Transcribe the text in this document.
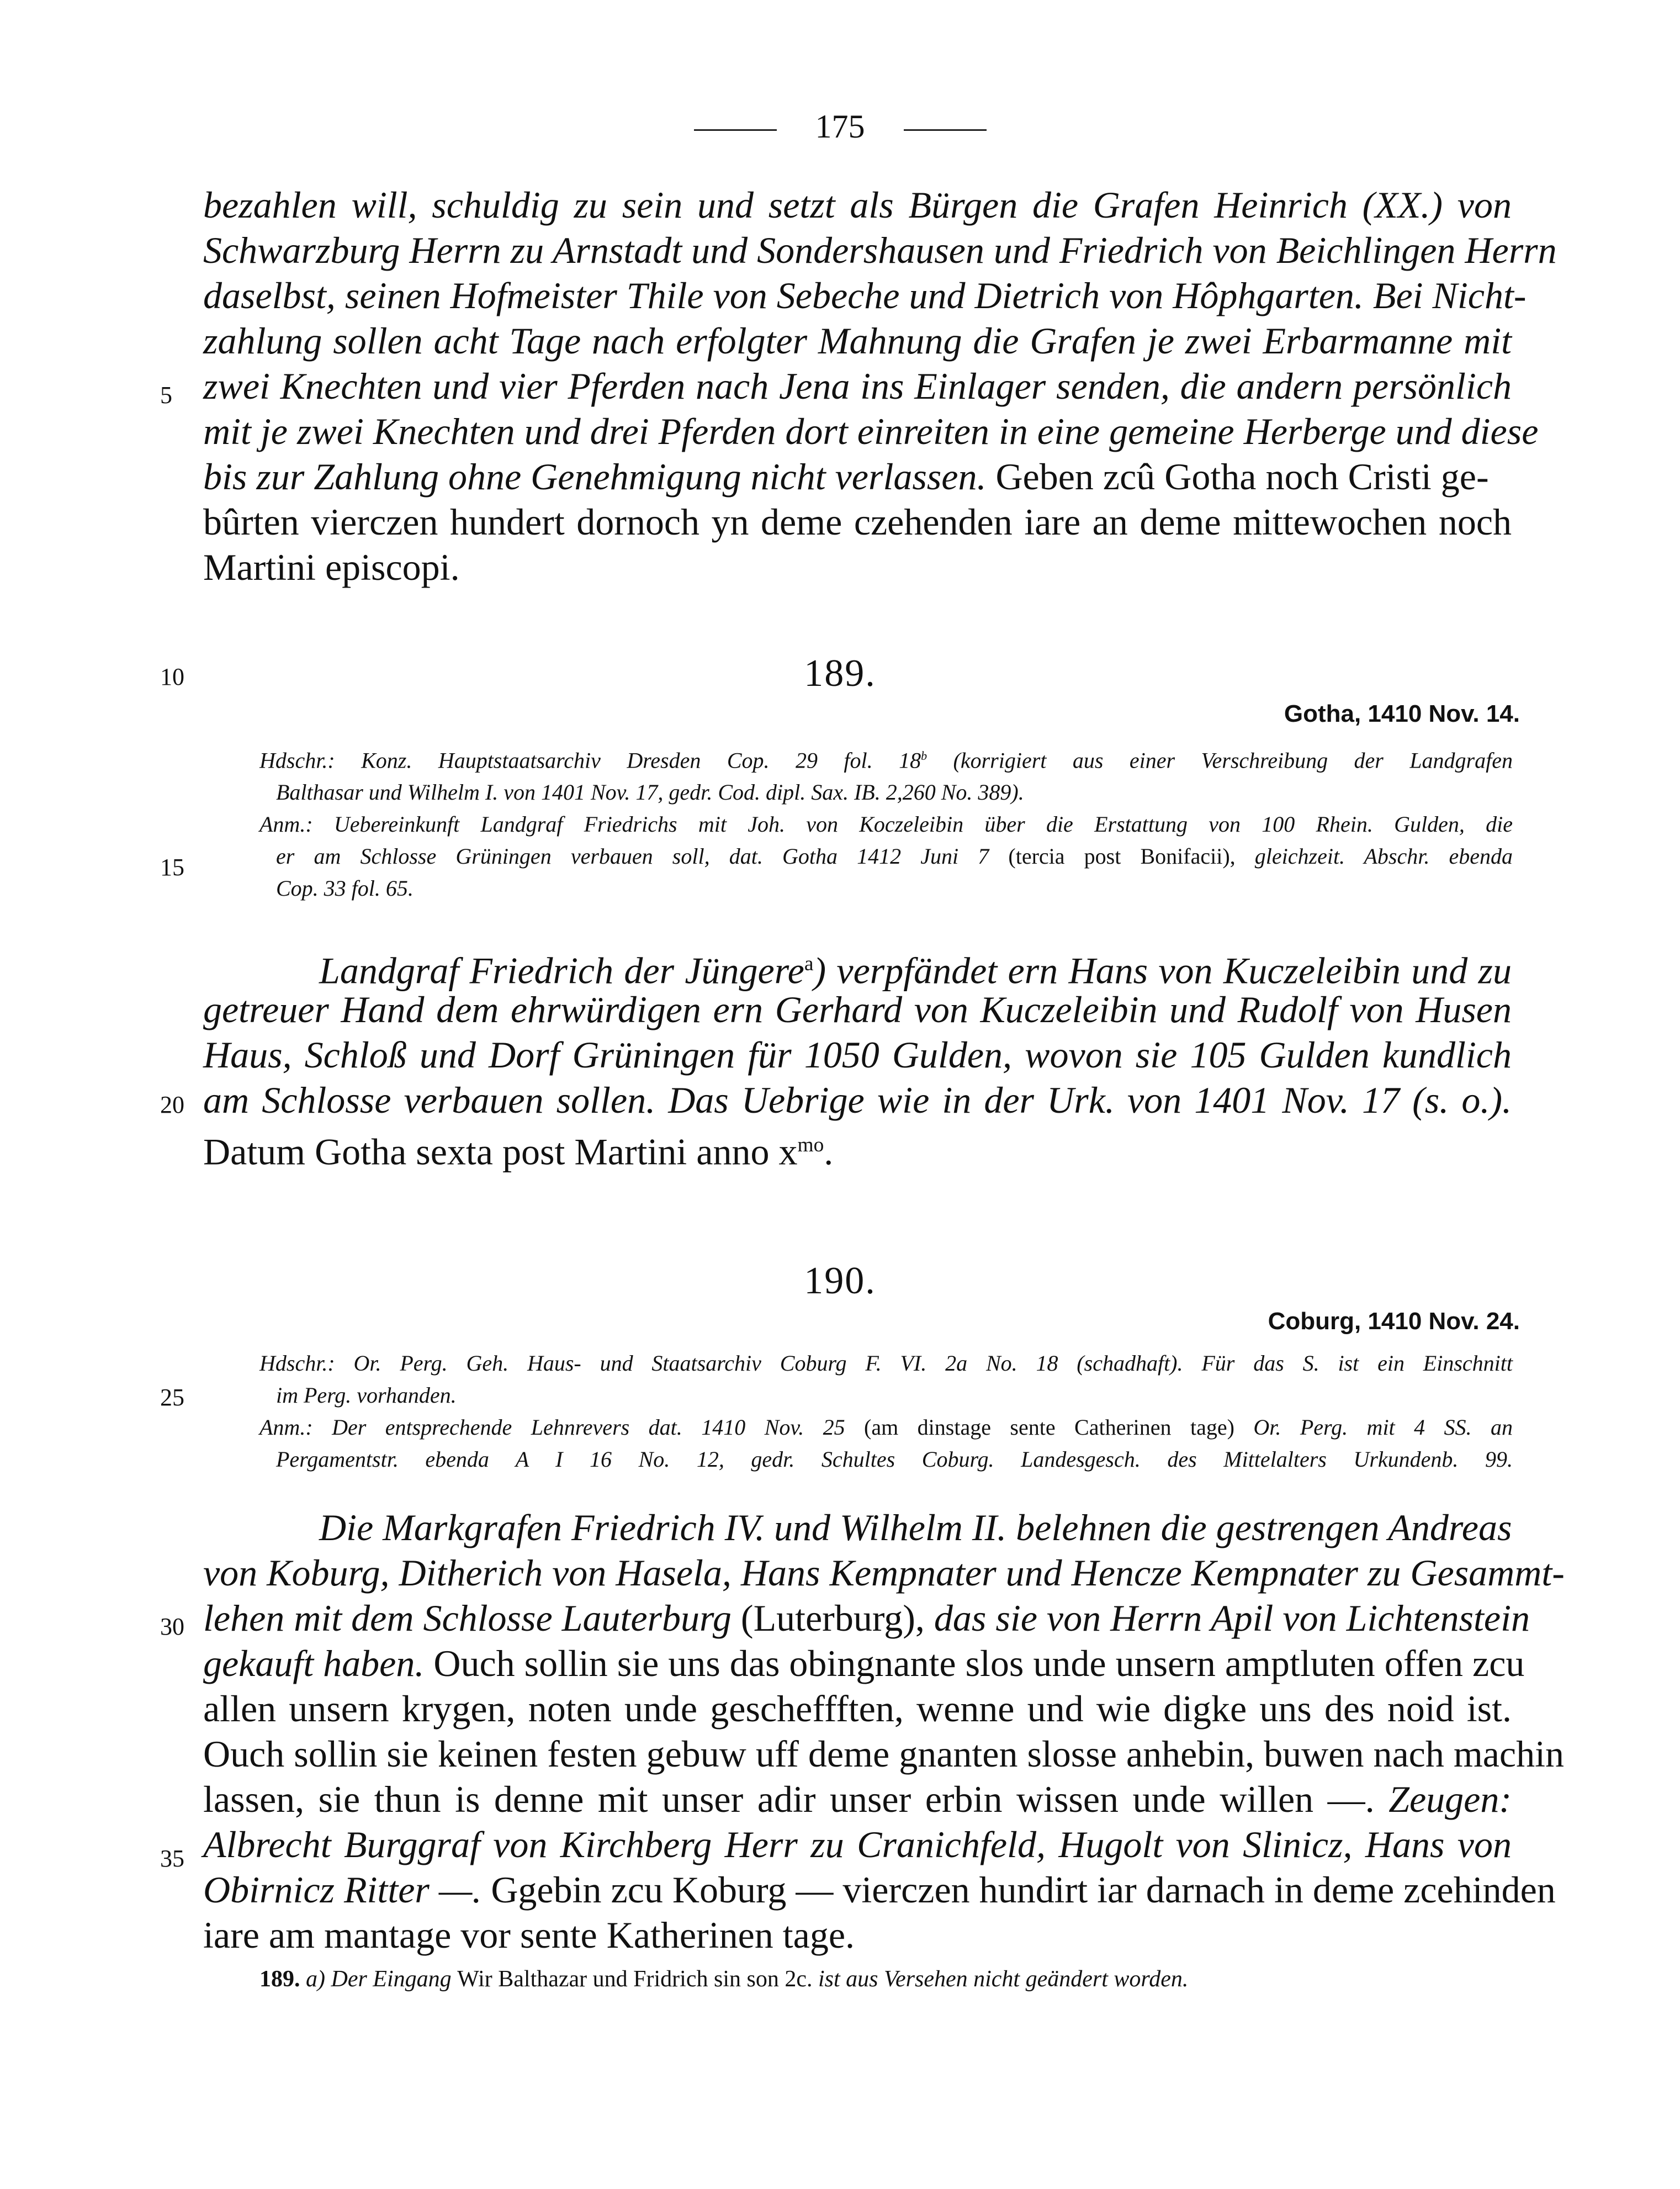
175
bezahlen will, schuldig zu sein und setzt als Bürgen die Grafen Heinrich (XX.) von
Schwarzburg Herrn zu Arnstadt und Sondershausen und Friedrich von Beichlingen Herrn
daselbst, seinen Hofmeister Thile von Sebeche und Dietrich von Hôphgarten. Bei Nicht-
zahlung sollen acht Tage nach erfolgter Mahnung die Grafen je zwei Erbarmanne mit
zwei Knechten und vier Pferden nach Jena ins Einlager senden, die andern persönlich
mit je zwei Knechten und drei Pferden dort einreiten in eine gemeine Herberge und diese
bis zur Zahlung ohne Genehmigung nicht verlassen. Geben zcû Gotha noch Cristi ge-
bûrten vierczen hundert dornoch yn deme czehenden iare an deme mittewochen noch
Martini episcopi.
5
10
15
20
25
30
35
189.
Gotha, 1410 Nov. 14.
Hdschr.: Konz. Hauptstaatsarchiv Dresden Cop. 29 fol. 18$^b$ (korrigiert aus einer Verschreibung der Landgrafen
Balthasar und Wilhelm I. von 1401 Nov. 17, gedr. Cod. dipl. Sax. IB. 2,260 No. 389).
Anm.: Uebereinkunft Landgraf Friedrichs mit Joh. von Koczeleibin über die Erstattung von 100 Rhein. Gulden, die
er am Schlosse Grüningen verbauen soll, dat. Gotha 1412 Juni 7 (tercia post Bonifacii), gleichzeit. Abschr. ebenda
Cop. 33 fol. 65.
Landgraf Friedrich der Jüngere$^a$) verpfändet ern Hans von Kuczeleibin und zu
getreuer Hand dem ehrwürdigen ern Gerhard von Kuczeleibin und Rudolf von Husen
Haus, Schloß und Dorf Grüningen für 1050 Gulden, wovon sie 105 Gulden kundlich
am Schlosse verbauen sollen. Das Uebrige wie in der Urk. von 1401 Nov. 17 (s. o.).
Datum Gotha sexta post Martini anno $x^{mo}$.
190.
Coburg, 1410 Nov. 24.
Hdschr.: Or. Perg. Geh. Haus- und Staatsarchiv Coburg F. VI. 2a No. 18 (schadhaft). Für das S. ist ein Einschnitt
im Perg. vorhanden.
Anm.: Der entsprechende Lehnrevers dat. 1410 Nov. 25 (am dinstage sente Catherinen tage) Or. Perg. mit 4 SS. an
Pergamentstr. ebenda A I 16 No. 12, gedr. Schultes Coburg. Landesgesch. des Mittelalters Urkundenb. 99.
Die Markgrafen Friedrich IV. und Wilhelm II. belehnen die gestrengen Andreas
von Koburg, Ditherich von Hasela, Hans Kempnater und Hencze Kempnater zu Gesammt-
lehen mit dem Schlosse Lauterburg (Luterburg), das sie von Herrn Apil von Lichtenstein
gekauft haben. Ouch sollin sie uns das obingnante slos unde unsern amptluten offen zcu
allen unsern krygen, noten unde gescheffften, wenne und wie digke uns des noid ist.
Ouch sollin sie keinen festen gebuw uff deme gnanten slosse anhebin, buwen nach machin
lassen, sie thun is denne mit unser adir unser erbin wissen unde willen —. Zeugen:
Albrecht Burggraf von Kirchberg Herr zu Cranichfeld, Hugolt von Slinicz, Hans von
Obirnicz Ritter —. Ggebin zcu Koburg — vierczen hundirt iar darnach in deme zcehinden
iare am mantage vor sente Katherinen tage.
189. a) Der Eingang Wir Balthazar und Fridrich sin son 2c. ist aus Versehen nicht geändert worden.
